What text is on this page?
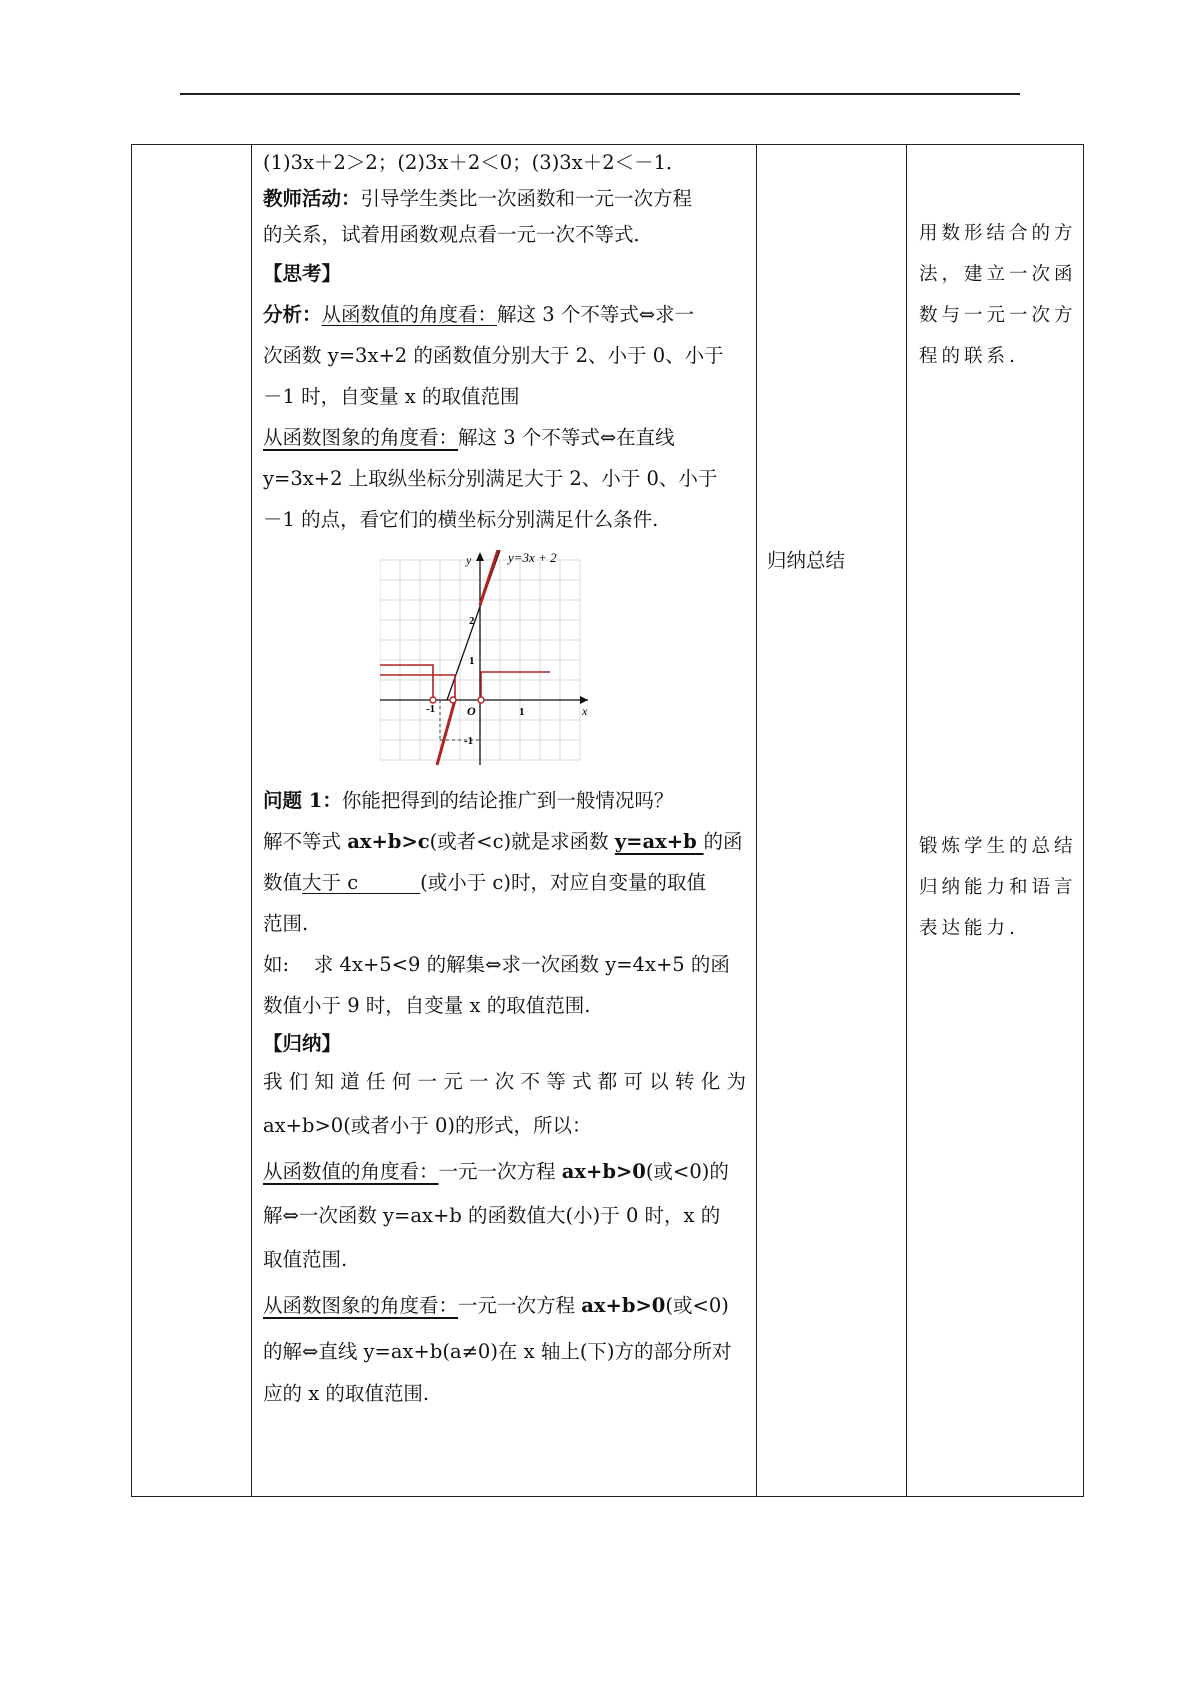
(1)3x＋2＞2；(2)3x＋2＜0；(3)3x＋2＜－1．

教师活动：引导学生类比一次函数和一元一次方程

的关系，试着用函数观点看一元一次不等式．

【思考】

分析：从函数值的角度看：解这 3 个不等式⇔求一

次函数 y=3x+2 的函数值分别大于 2、小于 0、小于

－1 时，自变量 x 的取值范围

从函数图象的角度看：解这 3 个不等式⇔在直线

y=3x+2 上取纵坐标分别满足大于 2、小于 0、小于

－1 的点，看它们的横坐标分别满足什么条件.

y=3x + 2
y
x
O	1
2
1
-1
-1

问题 1：你能把得到的结论推广到一般情况吗？

解不等式 ax+b>c(或者<c)就是求函数 y=ax+b 的函

数值大于 c          (或小于 c)时，对应自变量的取值

范围.

如:    求 4x+5<9 的解集⇔求一次函数 y=4x+5 的函

数值小于 9 时，自变量 x 的取值范围.

【归纳】

我们知道任何一元一次不等式都可以转化为

ax+b>0(或者小于 0)的形式，所以：

从函数值的角度看：一元一次方程 ax+b>0(或<0)的

解⇔一次函数 y=ax+b 的函数值大(小)于 0 时，x 的

取值范围.

从函数图象的角度看：一元一次方程 ax+b>0(或<0)

的解⇔直线 y=ax+b(a≠0)在 x 轴上(下)方的部分所对

应的 x 的取值范围.

归纳总结

用数形结合的方

法，建立一次函

数与一元一次方

程的联系.

锻炼学生的总结

归纳能力和语言

表达能力.
